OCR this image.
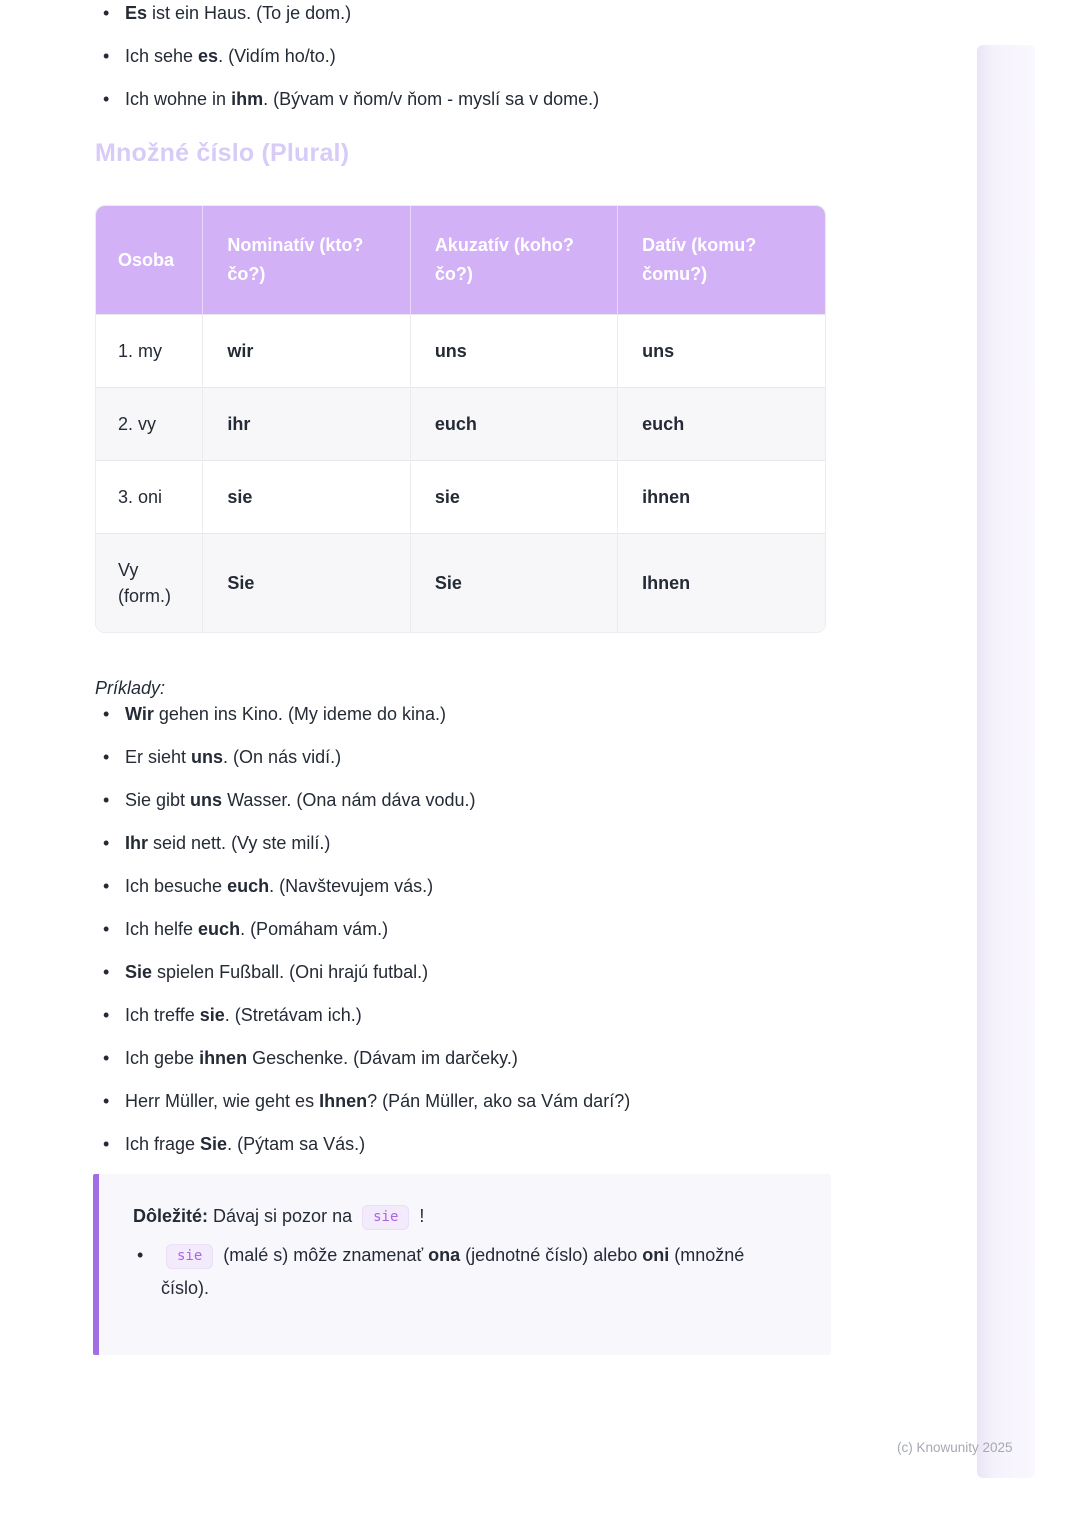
(c) Knowunity 2025
• Es ist ein Haus. (To je dom.)
• Ich sehe es. (Vidím ho/to.)
• Ich wohne in ihm. (Bývam v ňom/v ňom - myslí sa v dome.)
Množné číslo (Plural)
Osoba	Nominatív (kto? čo?)	Akuzatív (koho? čo?)	Datív (komu? čomu?)
1. my	wir	uns	uns
2. vy	ihr	euch	euch
3. oni	sie	sie	ihnen
Vy (form.)	Sie	Sie	Ihnen

Príklady:

• Wir gehen ins Kino. (My ideme do kina.)
• Er sieht uns. (On nás vidí.)
• Sie gibt uns Wasser. (Ona nám dáva vodu.)
• Ihr seid nett. (Vy ste milí.)
• Ich besuche euch. (Navštevujem vás.)
• Ich helfe euch. (Pomáham vám.)
• Sie spielen Fußball. (Oni hrajú futbal.)
• Ich treffe sie. (Stretávam ich.)
• Ich gebe ihnen Geschenke. (Dávam im darčeky.)
• Herr Müller, wie geht es Ihnen? (Pán Müller, ako sa Vám darí?)
• Ich frage Sie. (Pýtam sa Vás.)
Dôležité: Dávaj si pozor na sie !
•	sie (malé s) môže znamenať ona (jednotné číslo) alebo oni (množné číslo).
